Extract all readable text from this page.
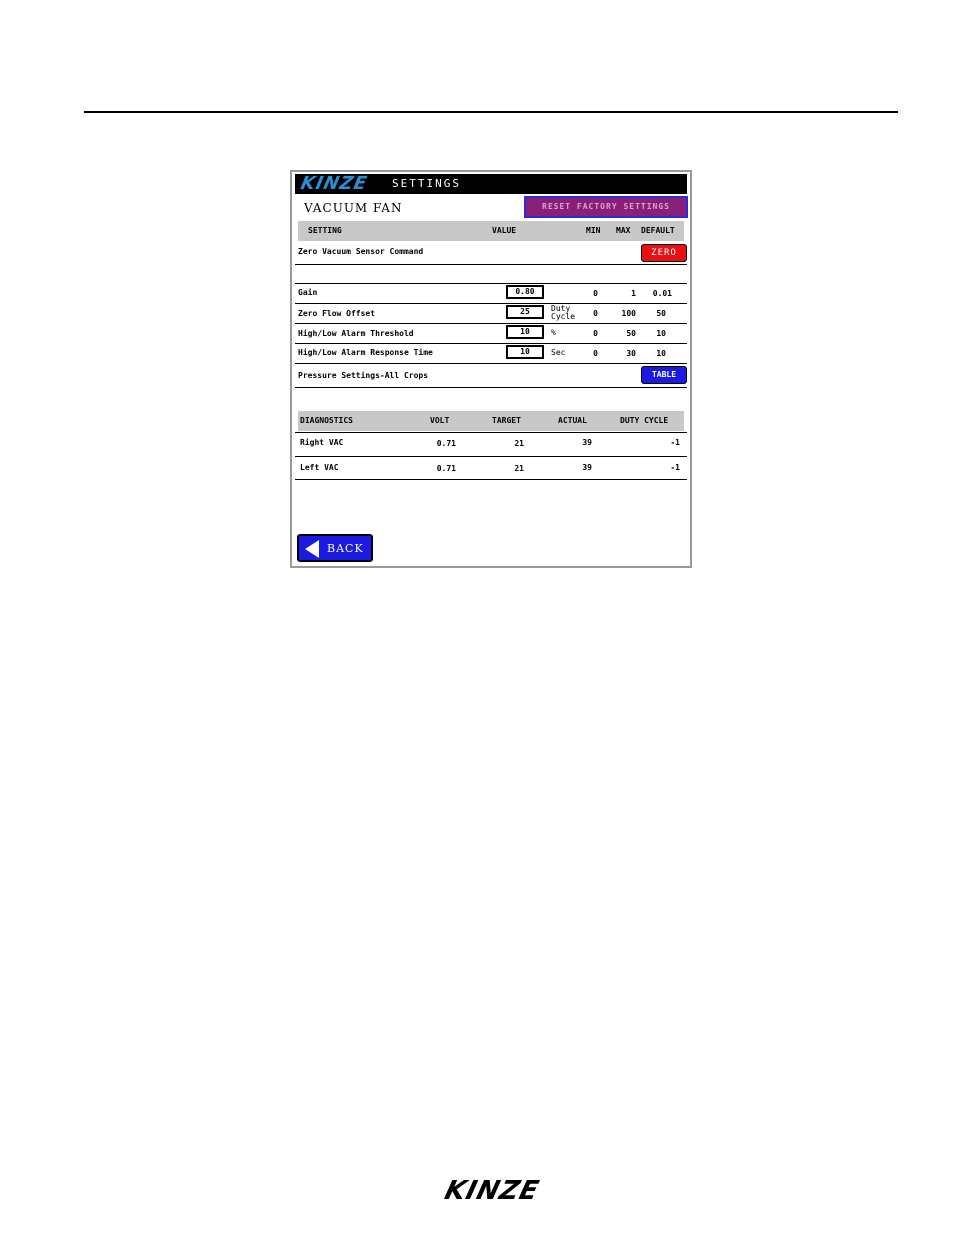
KINZE SETTINGS
VACUUM FAN	RESET FACTORY SETTINGS
SETTING	VALUE	MIN MAX DEFAULT
Zero Vacuum Sensor Command	ZERO
Gain	0.80	0	1	0.01
Zero Flow Offset	25	Duty Cycle	0	100	50
High/Low Alarm Threshold	10	%	0	50	10
High/Low Alarm Response Time	10	Sec	0	30	10
Pressure Settings-All Crops	TABLE
DIAGNOSTICS	VOLT	TARGET	ACTUAL	DUTY CYCLE
Right VAC	0.71	21	39	-1
Left VAC	0.71	21	39	-1
BACK
KINZE
